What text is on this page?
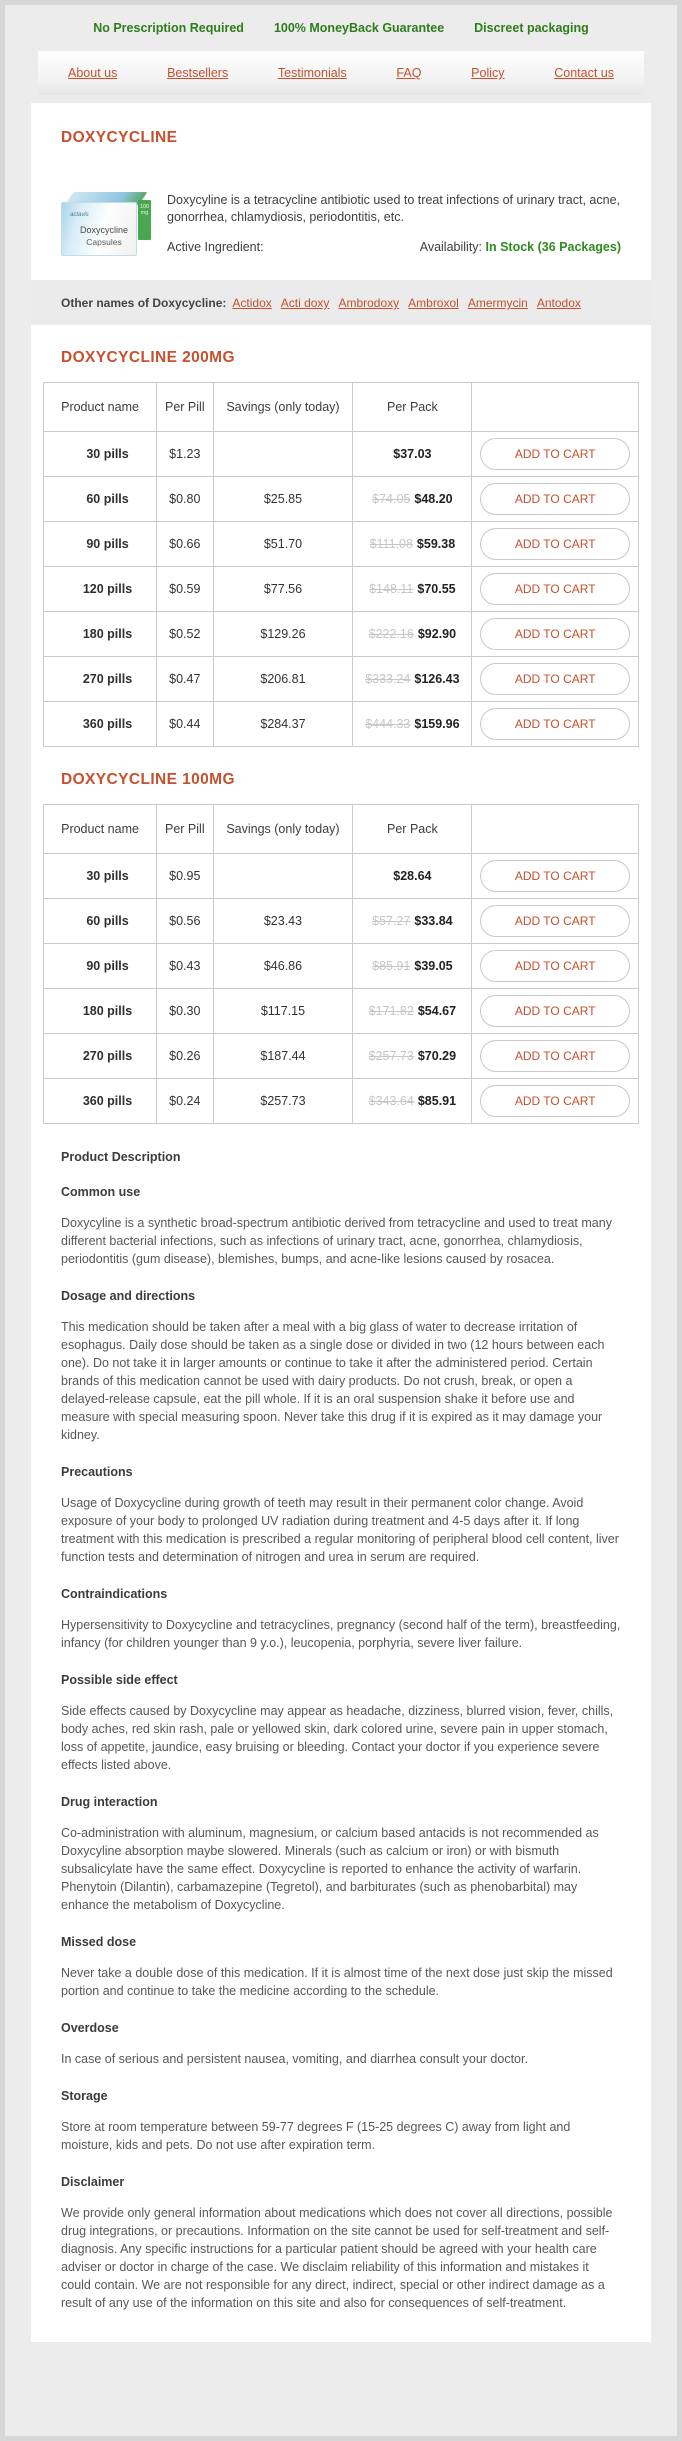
No Prescription Required 100% MoneyBack Guarantee Discreet packaging
About us	Bestsellers	Testimonials	FAQ	Policy	Contact us
DOXYCYCLINE
actavis
Doxycycline
Capsules
100 mg

Doxycyline is a tetracycline antibiotic used to treat infections of urinary tract, acne, gonorrhea, chlamydiosis, periodontitis, etc.

Active Ingredient:	Availability: In Stock (36 Packages)
Other names of Doxycycline: Actidox Acti doxy Ambrodoxy Ambroxol Amermycin Antodox
DOXYCYCLINE 200MG
Product name	Per Pill	Savings (only today)	Per Pack	
30 pills	$1.23		$37.03	ADD TO CART
60 pills	$0.80	$25.85	$74.05 $48.20	ADD TO CART
90 pills	$0.66	$51.70	$111.08 $59.38	ADD TO CART
120 pills	$0.59	$77.56	$148.11 $70.55	ADD TO CART
180 pills	$0.52	$129.26	$222.16 $92.90	ADD TO CART
270 pills	$0.47	$206.81	$333.24 $126.43	ADD TO CART
360 pills	$0.44	$284.37	$444.33 $159.96	ADD TO CART
DOXYCYCLINE 100MG
Product name	Per Pill	Savings (only today)	Per Pack	
30 pills	$0.95		$28.64	ADD TO CART
60 pills	$0.56	$23.43	$57.27 $33.84	ADD TO CART
90 pills	$0.43	$46.86	$85.91 $39.05	ADD TO CART
180 pills	$0.30	$117.15	$171.82 $54.67	ADD TO CART
270 pills	$0.26	$187.44	$257.73 $70.29	ADD TO CART
360 pills	$0.24	$257.73	$343.64 $85.91	ADD TO CART
Product Description
Common use

Doxycyline is a synthetic broad-spectrum antibiotic derived from tetracycline and used to treat many different bacterial infections, such as infections of urinary tract, acne, gonorrhea, chlamydiosis, periodontitis (gum disease), blemishes, bumps, and acne-like lesions caused by rosacea.

Dosage and directions

This medication should be taken after a meal with a big glass of water to decrease irritation of esophagus. Daily dose should be taken as a single dose or divided in two (12 hours between each one). Do not take it in larger amounts or continue to take it after the administered period. Certain brands of this medication cannot be used with dairy products. Do not crush, break, or open a delayed-release capsule, eat the pill whole. If it is an oral suspension shake it before use and measure with special measuring spoon. Never take this drug if it is expired as it may damage your kidney.

Precautions

Usage of Doxycycline during growth of teeth may result in their permanent color change. Avoid exposure of your body to prolonged UV radiation during treatment and 4-5 days after it. If long treatment with this medication is prescribed a regular monitoring of peripheral blood cell content, liver function tests and determination of nitrogen and urea in serum are required.

Contraindications

Hypersensitivity to Doxycycline and tetracyclines, pregnancy (second half of the term), breastfeeding, infancy (for children younger than 9 y.o.), leucopenia, porphyria, severe liver failure.

Possible side effect

Side effects caused by Doxycycline may appear as headache, dizziness, blurred vision, fever, chills, body aches, red skin rash, pale or yellowed skin, dark colored urine, severe pain in upper stomach, loss of appetite, jaundice, easy bruising or bleeding. Contact your doctor if you experience severe effects listed above.

Drug interaction

Co-administration with aluminum, magnesium, or calcium based antacids is not recommended as Doxycyline absorption maybe slowered. Minerals (such as calcium or iron) or with bismuth subsalicylate have the same effect. Doxycycline is reported to enhance the activity of warfarin. Phenytoin (Dilantin), carbamazepine (Tegretol), and barbiturates (such as phenobarbital) may enhance the metabolism of Doxycycline.

Missed dose

Never take a double dose of this medication. If it is almost time of the next dose just skip the missed portion and continue to take the medicine according to the schedule.

Overdose

In case of serious and persistent nausea, vomiting, and diarrhea consult your doctor.

Storage

Store at room temperature between 59-77 degrees F (15-25 degrees C) away from light and moisture, kids and pets. Do not use after expiration term.

Disclaimer

We provide only general information about medications which does not cover all directions, possible drug integrations, or precautions. Information on the site cannot be used for self-treatment and self-diagnosis. Any specific instructions for a particular patient should be agreed with your health care adviser or doctor in charge of the case. We disclaim reliability of this information and mistakes it could contain. We are not responsible for any direct, indirect, special or other indirect damage as a result of any use of the information on this site and also for consequences of self-treatment.
